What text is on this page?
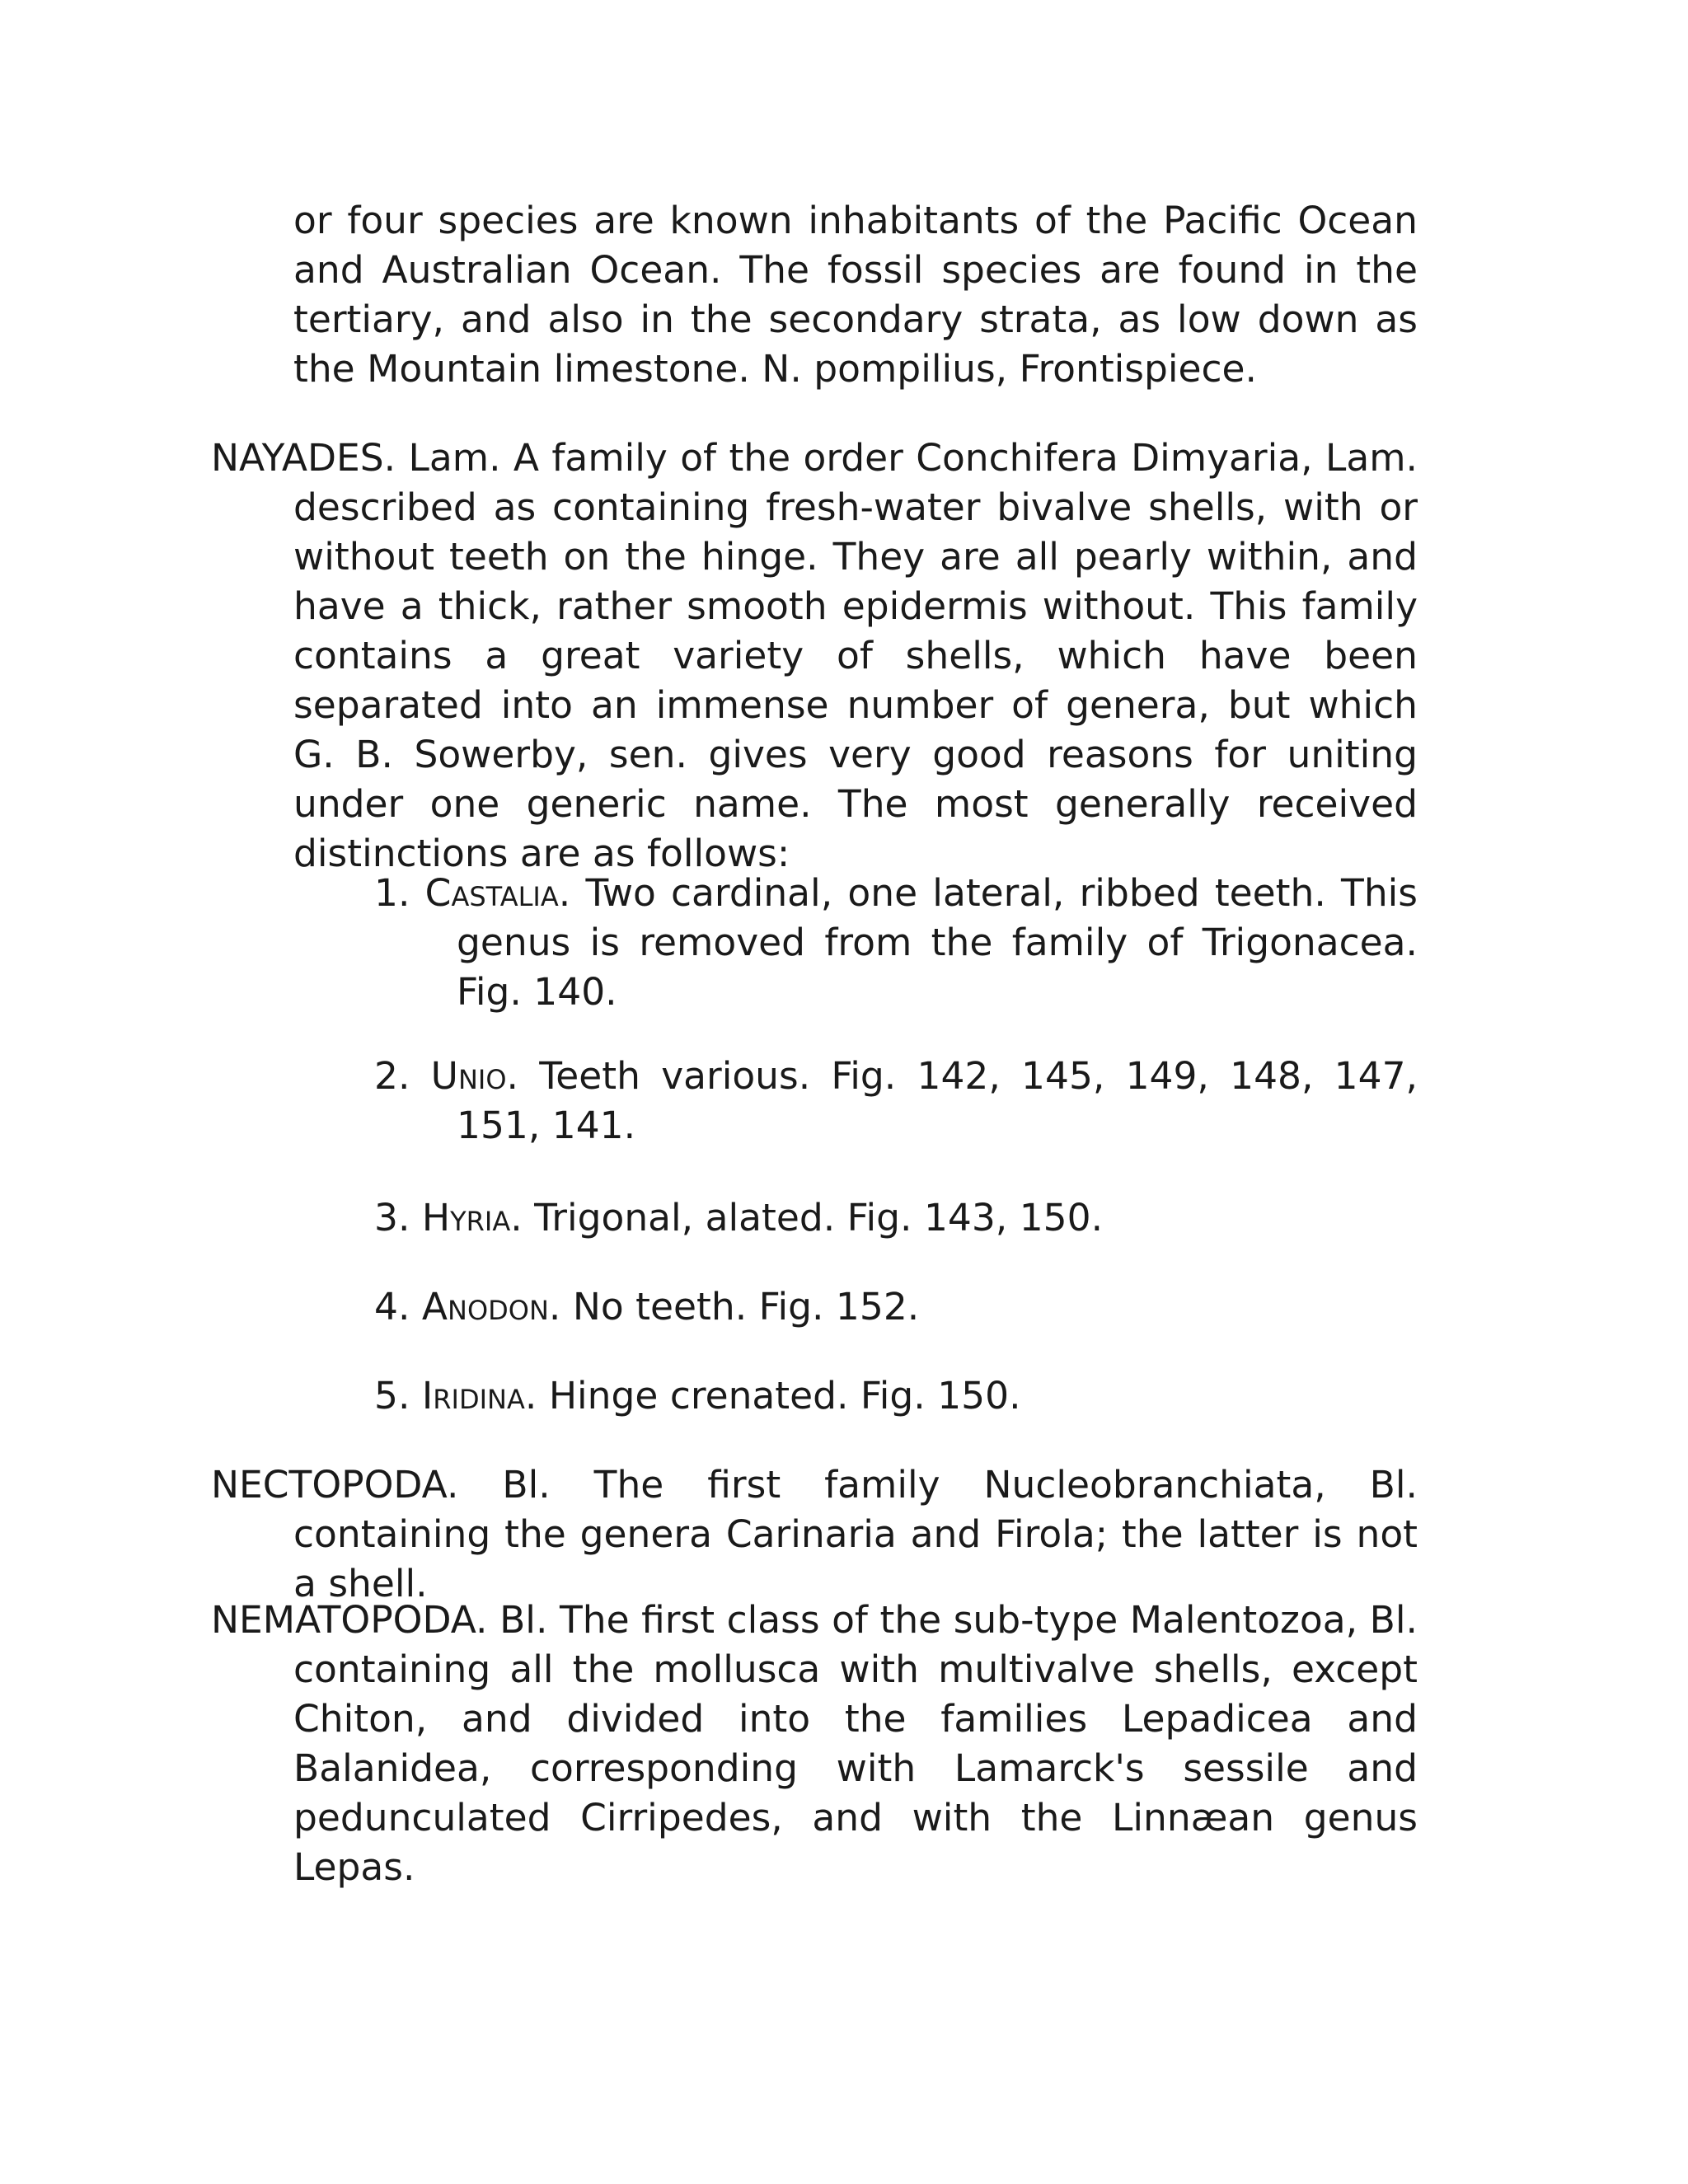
or four species are known inhabitants of the Pacific Ocean and Australian Ocean. The fossil species are found in the tertiary, and also in the secondary strata, as low down as the Mountain limestone. N. pompilius, Frontispiece.

NAYADES. Lam. A family of the order Conchifera Dimyaria, Lam. described as containing fresh-water bivalve shells, with or without teeth on the hinge. They are all pearly within, and have a thick, rather smooth epidermis without. This family contains a great variety of shells, which have been separated into an immense number of genera, but which G. B. Sowerby, sen. gives very good reasons for uniting under one generic name. The most generally received distinctions are as follows:

1. Castalia. Two cardinal, one lateral, ribbed teeth. This genus is removed from the family of Trigonacea. Fig. 140.

2. Unio. Teeth various. Fig. 142, 145, 149, 148, 147, 151, 141.

3. Hyria. Trigonal, alated. Fig. 143, 150.

4. Anodon. No teeth. Fig. 152.

5. Iridina. Hinge crenated. Fig. 150.

NECTOPODA. Bl. The first family Nucleobranchiata, Bl. containing the genera Carinaria and Firola; the latter is not a shell.

NEMATOPODA. Bl. The first class of the sub-type Malentozoa, Bl. containing all the mollusca with multivalve shells, except Chiton, and divided into the families Lepadicea and Balanidea, corresponding with Lamarck's sessile and pedunculated Cirripedes, and with the Linnæan genus Lepas.
